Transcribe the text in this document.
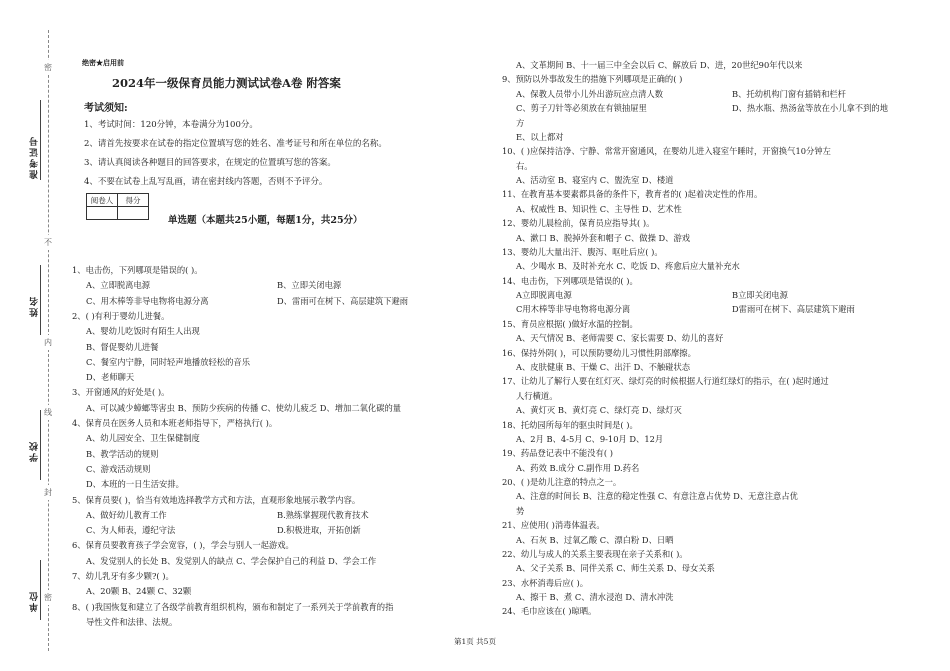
准考证号
姓名
学校
单位
密
不
内
线
封
密
绝密★启用前
2024年一级保育员能力测试试卷A卷 附答案
考试须知:
1、考试时间：120分钟，本卷满分为100分。
2、请首先按要求在试卷的指定位置填写您的姓名、准考证号和所在单位的名称。
3、请认真阅读各种题目的回答要求，在规定的位置填写您的答案。
4、不要在试卷上乱写乱画，请在密封线内答题，否则不予评分。
阅卷人	得分

单选题（本题共25小题，每题1分，共25分）
1、电击伤，下列哪项是错误的( )。
A、立即脱离电源	B、立即关闭电源
C、用木棒等非导电物将电源分离	D、雷雨可在树下、高层建筑下避雨
2、( )有利于婴幼儿进餐。
A、婴幼儿吃饭时有陌生人出现
B、督促婴幼儿进餐
C、餐室内宁静，同时轻声地播放轻松的音乐
D、老师聊天
3、开窗通风的好处是( )。
A、可以减少蟑螂等害虫 B、预防少疾病的传播 C、使幼儿疲乏 D、增加二氧化碳的量
4、保育员在医务人员和本班老师指导下，严格执行( )。
A、幼儿园安全、卫生保健制度
B、教学活动的规则
C、游戏活动规则
D、本班的一日生活安排。
5、保育员要( )，恰当有效地选择教学方式和方法，直观形象地展示教学内容。
A、做好幼儿教育工作	B.熟练掌握现代教育技术
C、为人师表，遵纪守法	D.积极进取，开拓创新
6、保育员要教育孩子学会宽容，( )，学会与别人一起游戏。
A、发觉别人的长处 B、发觉别人的缺点 C、学会保护自己的利益 D、学会工作
7、幼儿乳牙有多少颗?( )。
A、20颗 B、24颗 C、32颗
8、( )我国恢复和建立了各级学前教育组织机构，颁布和制定了一系列关于学前教育的指
导性文件和法律、法规。
A、文革期间 B、十一届三中全会以后 C、解放后 D、进，20世纪90年代以来
9、预防以外事故发生的措施下列哪项是正确的( )
A、保教人员带小儿外出游玩应点清人数	B、托幼机构门窗有插销和栏杆
C、剪子刀针等必须放在有锁抽屉里	D、热水瓶、热汤盆等放在小儿拿不到的地
方
E、以上都对
10、( )应保持洁净、宁静、常常开窗通风，在婴幼儿进入寝室午睡时，开窗换气10分钟左
右。
A、活动室 B、寝室内 C、盥洗室 D、楼道
11、在教育基本要素都具备的条件下，教育者的( )起着决定性的作用。
A、权威性 B、知识性 C、主导性 D、艺术性
12、婴幼儿晨检前，保育员应指导其( )。
A、漱口 B、脱掉外套和帽子 C、做操 D、游戏
13、婴幼儿大量出汗、腹泻、呕吐后应( )。
A、少喝水 B、及时补充水 C、吃饭 D、疼愈后应大量补充水
14、电击伤，下列哪项是错误的( )。
A立即脱离电源	B立即关闭电源
C用木棒等非导电物将电源分离	D雷雨可在树下、高层建筑下避雨
15、育员应根据( )做好水温的控制。
A、天气情况 B、老师需要 C、家长需要 D、幼儿的喜好
16、保持外阴( )，可以预防婴幼儿习惯性阴部摩擦。
A、皮肤健康 B、干燥 C、出汗 D、不触碰状态
17、让幼儿了解行人要在红灯灭、绿灯亮的时候根据人行道红绿灯的指示，在( )起时通过
人行横道。
A、黄灯灭 B、黄灯亮 C、绿灯亮 D、绿灯灭
18、托幼园所每年的驱虫时间是( )。
A、2月 B、4-5月 C、9-10月 D、12月
19、药品登记表中不能没有( )
A、药效 B.成分 C.副作用 D.药名
20、( )是幼儿注意的特点之一。
A、注意的时间长 B、注意的稳定性强 C、有意注意占优势 D、无意注意占优
势
21、应使用( )消毒体温表。
A、石灰 B、过氧乙酸 C、漂白粉 D、日晒
22、幼儿与成人的关系主要表现在亲子关系和( )。
A、父子关系 B、同伴关系 C、师生关系 D、母女关系
23、水杯消毒后应( )。
A、擦干 B、煮 C、清水浸泡 D、清水冲洗
24、毛巾应该在( )晾晒。
第1页 共5页
